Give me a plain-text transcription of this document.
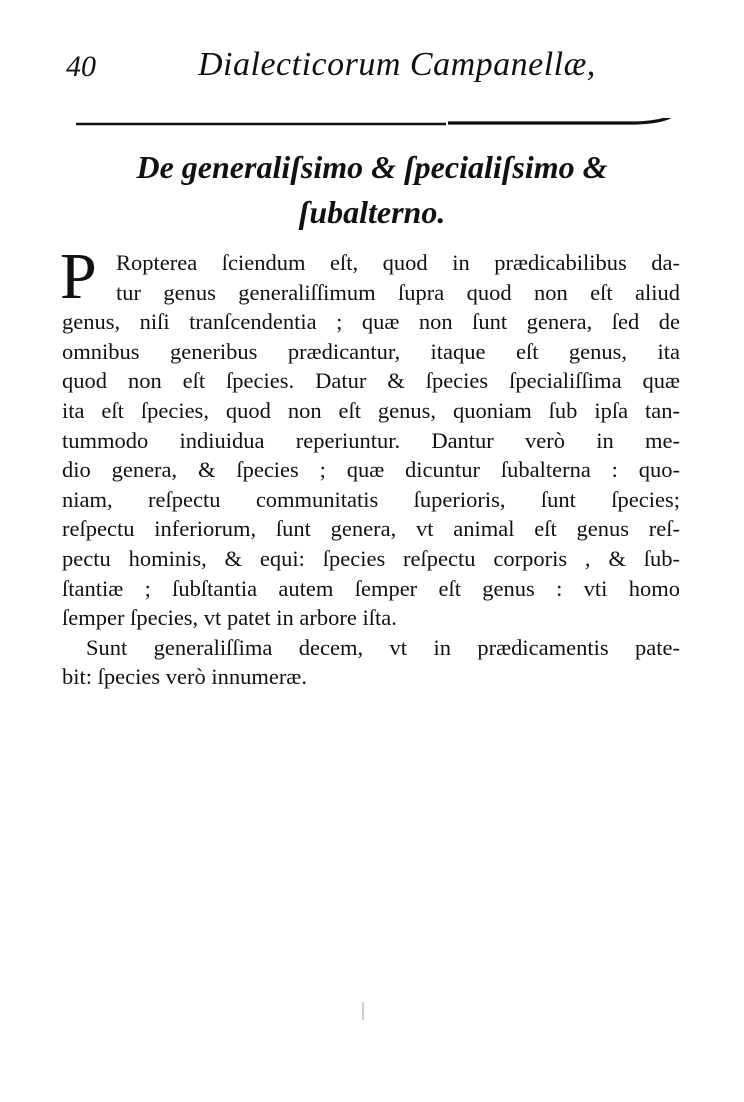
40	Dialecticorum Campanellæ,
De generaliſsimo & ſpecialiſsimo &
ſubalterno.
P Ropterea ſciendum eſt, quod in prædicabilibus da-
tur genus generaliſſimum ſupra quod non eſt aliud
genus, niſi tranſcendentia ; quæ non ſunt genera, ſed de
omnibus generibus prædicantur, itaque eſt genus, ita
quod non eſt ſpecies. Datur & ſpecies ſpecialiſſima quæ
ita eſt ſpecies, quod non eſt genus, quoniam ſub ipſa tan-
tummodo indiuidua reperiuntur. Dantur verò in me-
dio genera, & ſpecies ; quæ dicuntur ſubalterna : quo-
niam, reſpectu communitatis ſuperioris, ſunt ſpecies;
reſpectu inferiorum, ſunt genera, vt animal eſt genus reſ-
pectu hominis, & equi: ſpecies reſpectu corporis , & ſub-
ſtantiæ ; ſubſtantia autem ſemper eſt genus : vti homo
ſemper ſpecies, vt patet in arbore iſta.
Sunt generaliſſima decem, vt in prædicamentis pate-
bit: ſpecies verò innumeræ.
